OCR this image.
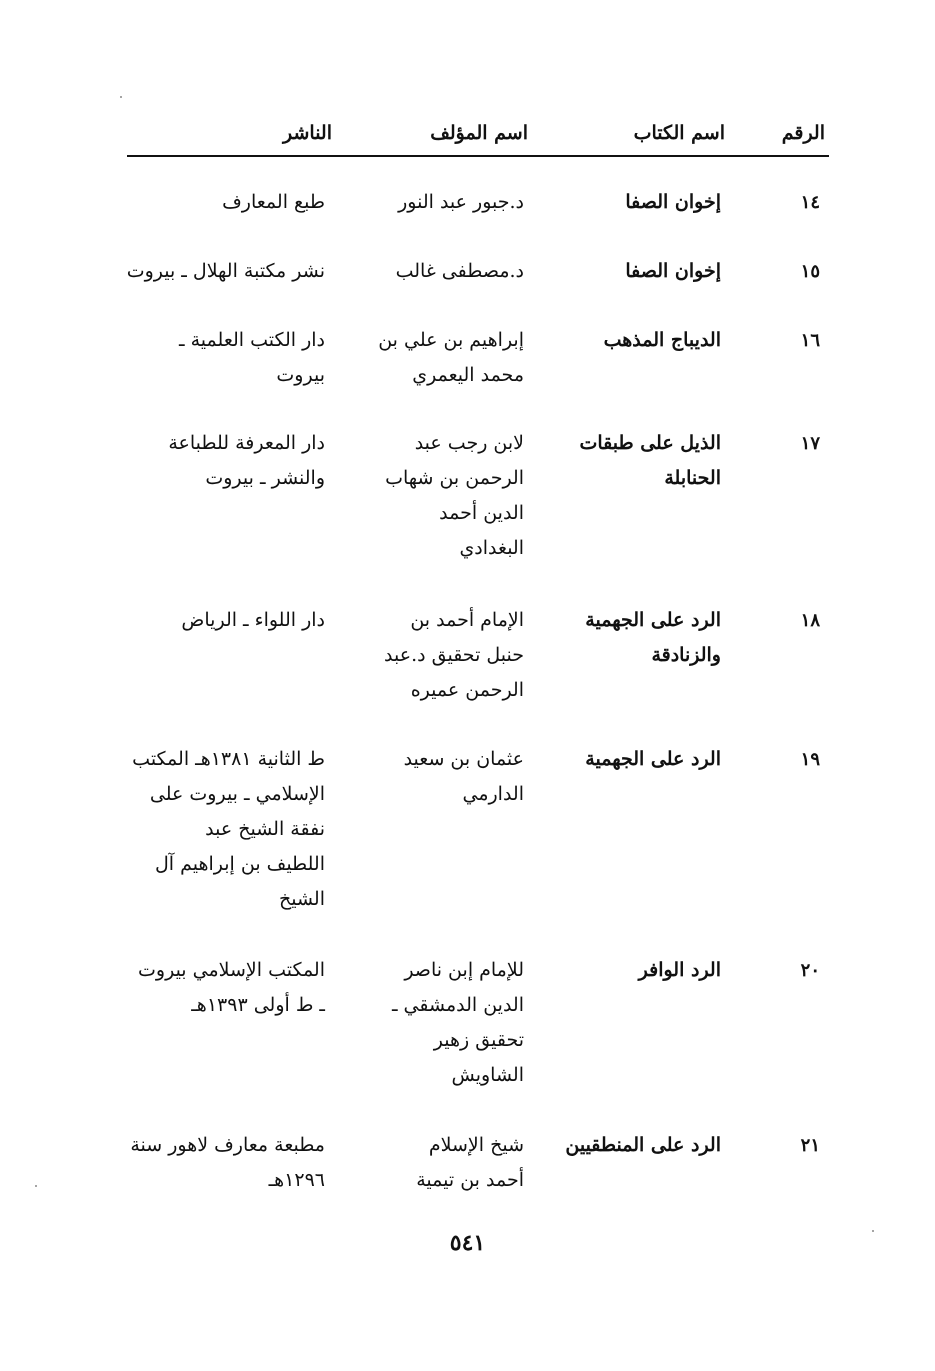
الرقم
اسم الكتاب
اسم المؤلف
الناشر
١٤
إخوان الصفا
د.جبور عبد النور
طبع المعارف
١٥
إخوان الصفا
د.مصطفى غالب
نشر مكتبة الهلال ـ بيروت
١٦
الديباج المذهب
إبراهيم بن علي بن
محمد اليعمري
دار الكتب العلمية ـ
بيروت
١٧
الذيل على طبقات
الحنابلة
لابن رجب عبد
الرحمن بن شهاب
الدين أحمد
البغدادي
دار المعرفة للطباعة
والنشر ـ بيروت
١٨
الرد على الجهمية
والزنادقة
الإمام أحمد بن
حنبل تحقيق د.عبد
الرحمن عميره
دار اللواء ـ الرياض
١٩
الرد على الجهمية
عثمان بن سعيد
الدارمي
ط الثانية ١٣٨١هـ المكتب
الإسلامي ـ بيروت على
نفقة الشيخ عبد
اللطيف بن إبراهيم آل
الشيخ
٢٠
الرد الوافر
للإمام إبن ناصر
الدين الدمشقي ـ
تحقيق زهير
الشاويش
المكتب الإسلامي بيروت
ـ ط أولى ١٣٩٣هـ
٢١
الرد على المنطقيين
شيخ الإسلام
أحمد بن تيمية
مطبعة معارف لاهور سنة
١٢٩٦هـ
٥٤١
